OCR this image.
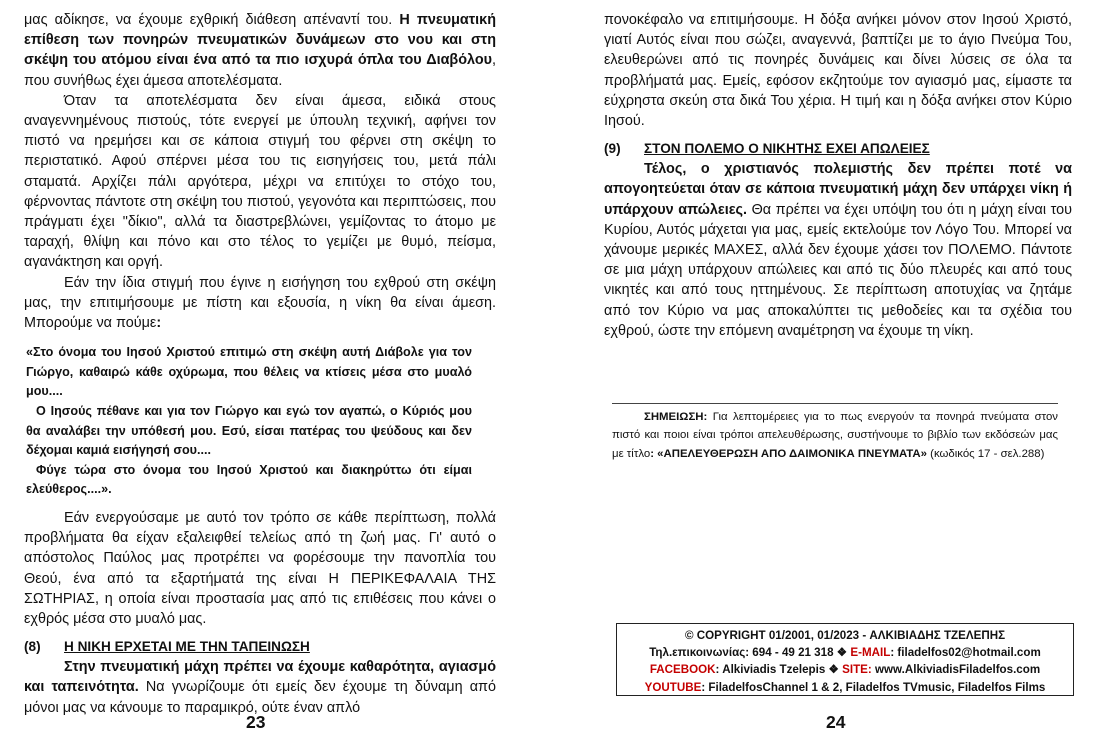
μας αδίκησε, να έχουμε εχθρική διάθεση απέναντί του. Η πνευματική επίθεση των πονηρών πνευματικών δυνάμεων στο νου και στη σκέψη του ατόμου είναι ένα από τα πιο ισχυρά όπλα του Διαβόλου, που συνήθως έχει άμεσα αποτελέσματα.

Όταν τα αποτελέσματα δεν είναι άμεσα, ειδικά στους αναγεννημένους πιστούς, τότε ενεργεί με ύπουλη τεχνική, αφήνει τον πιστό να ηρεμήσει και σε κάποια στιγμή του φέρνει στη σκέψη το περιστατικό. Αφού σπέρνει μέσα του τις εισηγήσεις του, μετά πάλι σταματά. Αρχίζει πάλι αργότερα, μέχρι να επιτύχει το στόχο του, φέρνοντας πάντοτε στη σκέψη του πιστού, γεγονότα και περιπτώσεις, που πράγματι έχει "δίκιο", αλλά τα διαστρεβλώνει, γεμίζοντας το άτομο με ταραχή, θλίψη και πόνο και στο τέλος το γεμίζει με θυμό, πείσμα, αγανάκτηση και οργή.

Εάν την ίδια στιγμή που έγινε η εισήγηση του εχθρού στη σκέψη μας, την επιτιμήσουμε με πίστη και εξουσία, η νίκη θα είναι άμεση. Μπορούμε να πούμε:

«Στο όνομα του Ιησού Χριστού επιτιμώ στη σκέψη αυτή Διάβολε για τον Γιώργο, καθαιρώ κάθε οχύρωμα, που θέλεις να κτίσεις μέσα στο μυαλό μου....

Ο Ιησούς πέθανε και για τον Γιώργο και εγώ τον αγαπώ, ο Κύριός μου θα αναλάβει την υπόθεσή μου. Εσύ, είσαι πατέρας του ψεύδους και δεν δέχομαι καμιά εισήγησή σου....

Φύγε τώρα στο όνομα του Ιησού Χριστού και διακηρύττω ότι είμαι ελεύθερος....».

Εάν ενεργούσαμε με αυτό τον τρόπο σε κάθε περίπτωση, πολλά προβλήματα θα είχαν εξαλειφθεί τελείως από τη ζωή μας. Γι' αυτό ο απόστολος Παύλος μας προτρέπει να φορέσουμε την πανοπλία του Θεού, ένα από τα εξαρτήματά της είναι Η ΠΕΡΙΚΕΦΑΛΑΙΑ ΤΗΣ ΣΩΤΗΡΙΑΣ, η οποία είναι προστασία μας από τις επιθέσεις που κάνει ο εχθρός μέσα στο μυαλό μας.

(8) Η ΝΙΚΗ ΕΡΧΕΤΑΙ ΜΕ ΤΗΝ ΤΑΠΕΙΝΩΣΗ

Στην πνευματική μάχη πρέπει να έχουμε καθαρότητα, αγιασμό και ταπεινότητα. Να γνωρίζουμε ότι εμείς δεν έχουμε τη δύναμη από μόνοι μας να κάνουμε το παραμικρό, ούτε έναν απλό

23

πονοκέφαλο να επιτιμήσουμε. Η δόξα ανήκει μόνον στον Ιησού Χριστό, γιατί Αυτός είναι που σώζει, αναγεννά, βαπτίζει με το άγιο Πνεύμα Του, ελευθερώνει από τις πονηρές δυνάμεις και δίνει λύσεις σε όλα τα προβλήματά μας. Εμείς, εφόσον εκζητούμε τον αγιασμό μας, είμαστε τα εύχρηστα σκεύη στα δικά Του χέρια. Η τιμή και η δόξα ανήκει στον Κύριο Ιησού.

(9) ΣΤΟΝ ΠΟΛΕΜΟ Ο ΝΙΚΗΤΗΣ ΕΧΕΙ ΑΠΩΛΕΙΕΣ

Τέλος, ο χριστιανός πολεμιστής δεν πρέπει ποτέ να απογοητεύεται όταν σε κάποια πνευματική μάχη δεν υπάρχει νίκη ή υπάρχουν απώλειες. Θα πρέπει να έχει υπόψη του ότι η μάχη είναι του Κυρίου, Αυτός μάχεται για μας, εμείς εκτελούμε τον Λόγο Του. Μπορεί να χάνουμε μερικές ΜΑΧΕΣ, αλλά δεν έχουμε χάσει τον ΠΟΛΕΜΟ. Πάντοτε σε μια μάχη υπάρχουν απώλειες και από τις δύο πλευρές και από τους νικητές και από τους ηττημένους. Σε περίπτωση αποτυχίας να ζητάμε από τον Κύριο να μας αποκαλύπτει τις μεθοδείες και τα σχέδια του εχθρού, ώστε την επόμενη αναμέτρηση να έχουμε τη νίκη.

ΣΗΜΕΙΩΣΗ: Για λεπτομέρειες για το πως ενεργούν τα πονηρά πνεύματα στον πιστό και ποιοι είναι τρόποι απελευθέρωσης, συστήνουμε το βιβλίο των εκδόσεών μας με τίτλο: «ΑΠΕΛΕΥΘΕΡΩΣΗ ΑΠΟ ΔΑΙΜΟΝΙΚΑ ΠΝΕΥΜΑΤΑ» (κωδικός 17 - σελ.288)

© COPYRIGHT 01/2001, 01/2023 - ΑΛΚΙΒΙΑΔΗΣ ΤΖΕΛΕΠΗΣ
Τηλ.επικοινωνίας: 694 - 49 21 318 ❖ E-MAIL: filadelfos02@hotmail.com
FACEBOOK: Alkiviadis Tzelepis ❖ SITE: www.AlkiviadisFiladelfos.com
YOUTUBE: FiladelfosChannel 1 & 2, Filadelfos TVmusic, Filadelfos Films
24
